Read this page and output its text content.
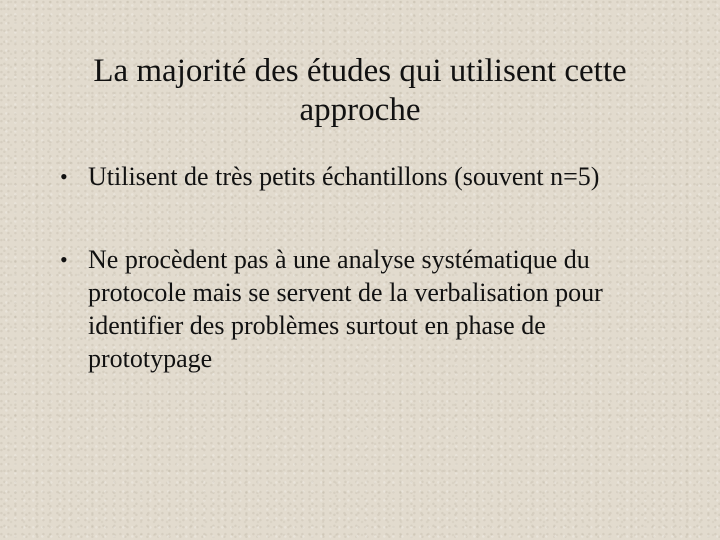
La majorité des études qui utilisent cette approche
• Utilisent de très petits échantillons (souvent n=5)
• Ne procèdent pas à une analyse systématique du protocole mais se servent de la verbalisation pour identifier des problèmes surtout en phase de prototypage
